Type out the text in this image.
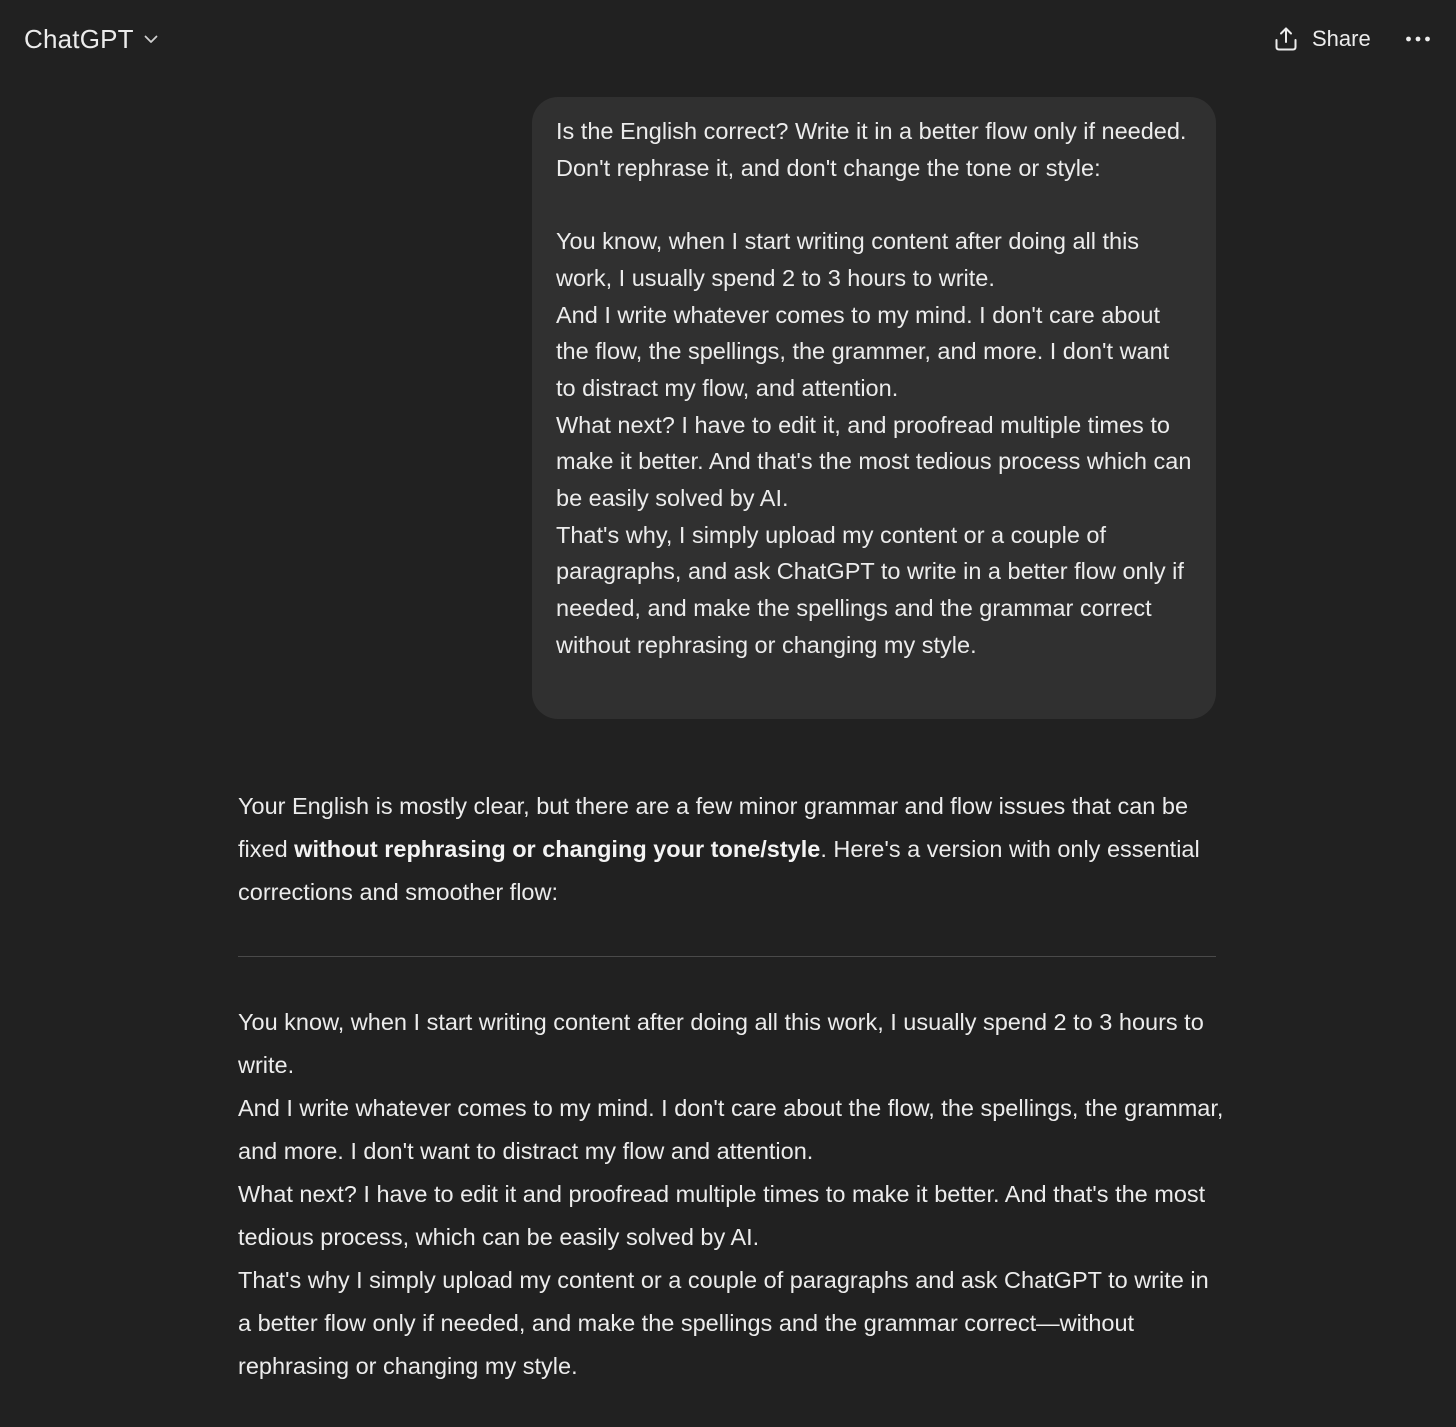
ChatGPT	Share

Is the English correct? Write it in a better flow only if needed. Don't rephrase it, and don't change the tone or style:

You know, when I start writing content after doing all this work, I usually spend 2 to 3 hours to write.

And I write whatever comes to my mind. I don't care about the flow, the spellings, the grammer, and more. I don't want to distract my flow, and attention.

What next? I have to edit it, and proofread multiple times to make it better. And that's the most tedious process which can be easily solved by AI.

That's why, I simply upload my content or a couple of paragraphs, and ask ChatGPT to write in a better flow only if needed, and make the spellings and the grammar correct without rephrasing or changing my style.

Your English is mostly clear, but there are a few minor grammar and flow issues that can be fixed without rephrasing or changing your tone/style. Here's a version with only essential corrections and smoother flow:

You know, when I start writing content after doing all this work, I usually spend 2 to 3 hours to write.

And I write whatever comes to my mind. I don't care about the flow, the spellings, the grammar, and more. I don't want to distract my flow and attention.

What next? I have to edit it and proofread multiple times to make it better. And that's the most tedious process, which can be easily solved by AI.

That's why I simply upload my content or a couple of paragraphs and ask ChatGPT to write in a better flow only if needed, and make the spellings and the grammar correct—without rephrasing or changing my style.
